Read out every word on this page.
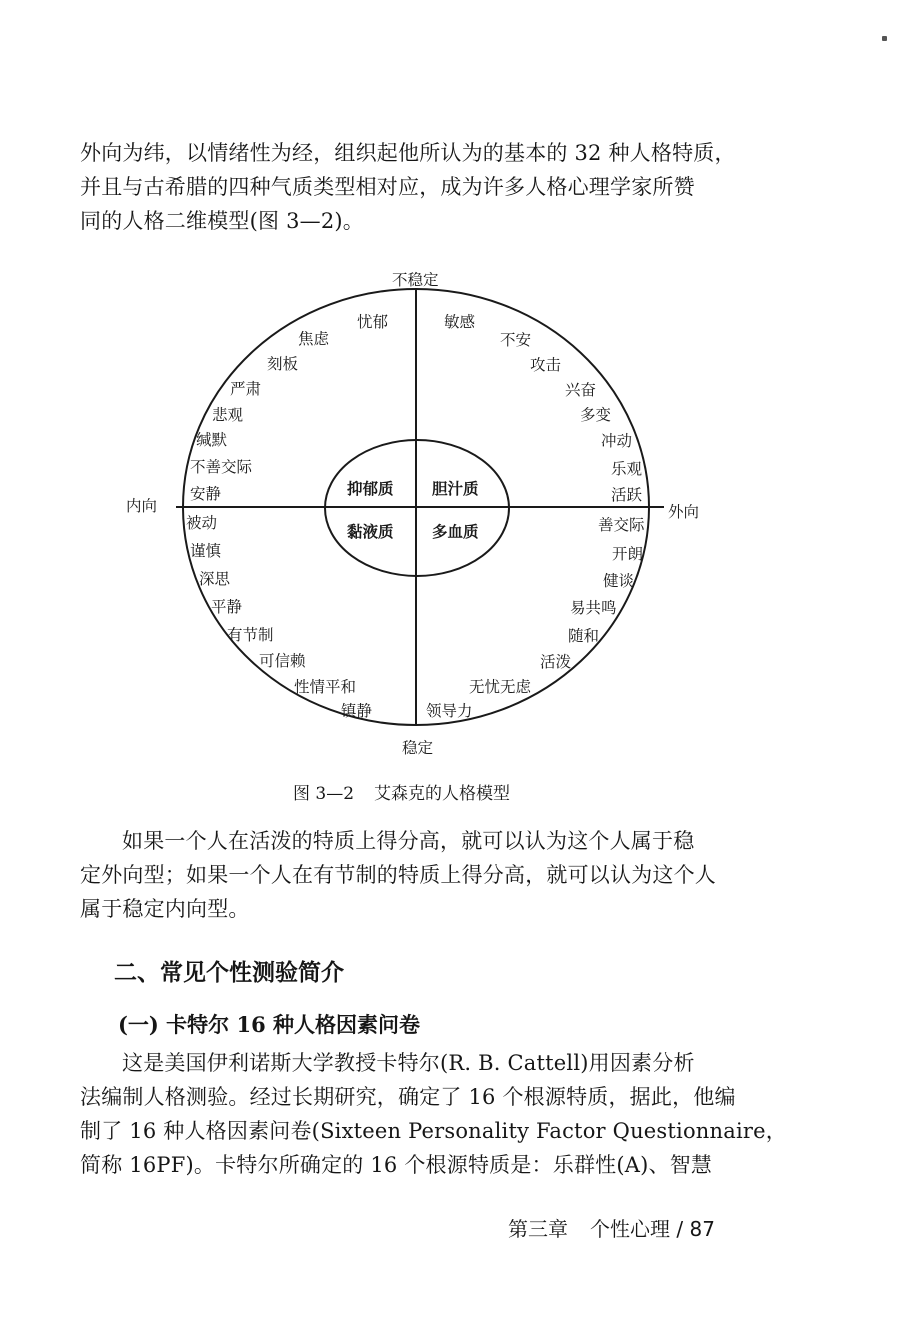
外向为纬，以情绪性为经，组织起他所认为的基本的 32 种人格特质，
并且与古希腊的四种气质类型相对应，成为许多人格心理学家所赞
同的人格二维模型(图 3—2)。
不稳定
稳定
内向	外向
抑郁质 胆汁质
黏液质 多血质
忧郁
焦虑
刻板
严肃
悲观
缄默
不善交际
安静
敏感
不安
攻击
兴奋
多变
冲动
乐观
活跃
被动
谨慎
深思
平静
有节制
可信赖
性情平和
镇静
善交际
开朗
健谈
易共鸣
随和
活泼
无忧无虑
领导力
图 3—2 艾森克的人格模型
如果一个人在活泼的特质上得分高，就可以认为这个人属于稳
定外向型；如果一个人在有节制的特质上得分高，就可以认为这个人
属于稳定内向型。
二、常见个性测验简介
(一) 卡特尔 16 种人格因素问卷
这是美国伊利诺斯大学教授卡特尔(R. B. Cattell)用因素分析
法编制人格测验。经过长期研究，确定了 16 个根源特质，据此，他编
制了 16 种人格因素问卷(Sixteen Personality Factor Questionnaire，
简称 16PF)。卡特尔所确定的 16 个根源特质是：乐群性(A)、智慧
第三章 个性心理 / 87
